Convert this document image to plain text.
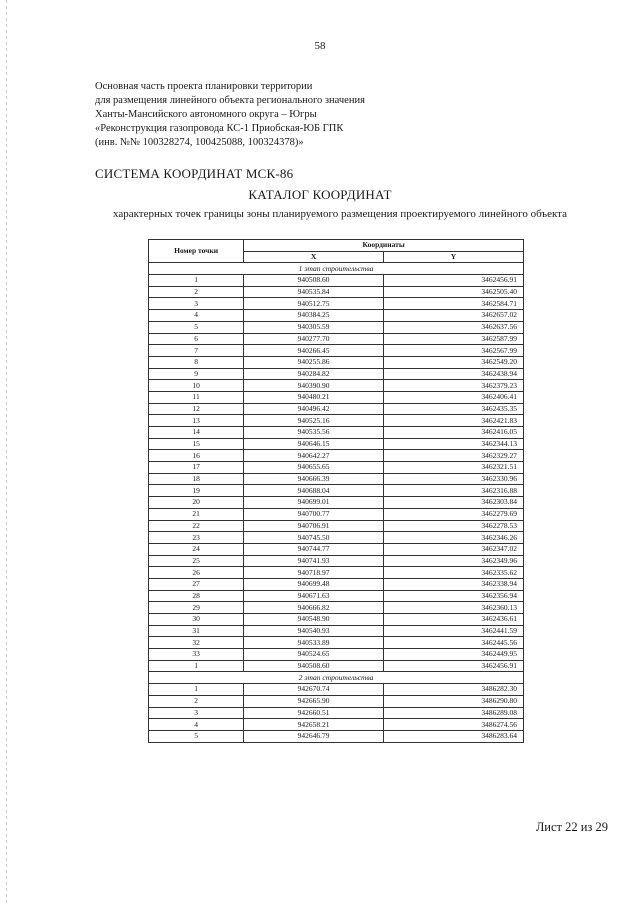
58
Основная часть проекта планировки территории
для размещения линейного объекта регионального значения
Ханты-Мансийского автономного округа – Югры
«Реконструкция газопровода КС-1 Приобская-ЮБ ГПК
(инв. №№ 100328274, 100425088, 100324378)»
СИСТЕМА КООРДИНАТ МСК-86
КАТАЛОГ КООРДИНАТ
характерных точек границы зоны планируемого размещения проектируемого линейного объекта
Номер точки	Координаты	
	X	Y
1 этап строительства		
1	940508.60	3462456.91
2	940535.84	3462505.40
3	940512.75	3462584.71
4	940384.25	3462657.02
5	940305.59	3462637.56
6	940277.70	3462587.99
7	940266.45	3462567.99
8	940255.86	3462549.20
9	940284.82	3462438.94
10	940390.90	3462379.23
11	940480.21	3462406.41
12	940496.42	3462435.35
13	940525.16	3462421.83
14	940535.56	3462416.05
15	940646.15	3462344.13
16	940642.27	3462329.27
17	940655.65	3462321.51
18	940666.39	3462330.96
19	940688.04	3462316.88
20	940699.01	3462303.84
21	940700.77	3462279.69
22	940706.91	3462278.53
23	940745.50	3462346.26
24	940744.77	3462347.02
25	940741.93	3462349.96
26	940718.97	3462335.62
27	940699.48	3462338.94
28	940671.63	3462356.94
29	940666.82	3462360.13
30	940548.90	3462436.61
31	940540.93	3462441.59
32	940533.89	3462445.56
33	940524.65	3462449.95
1	940508.60	3462456.91
2 этап строительства		
1	942670.74	3486282.30
2	942665.90	3486290.80
3	942660.51	3486289.08
4	942658.21	3486274.56
5	942646.79	3486283.64
Лист 22 из 29
